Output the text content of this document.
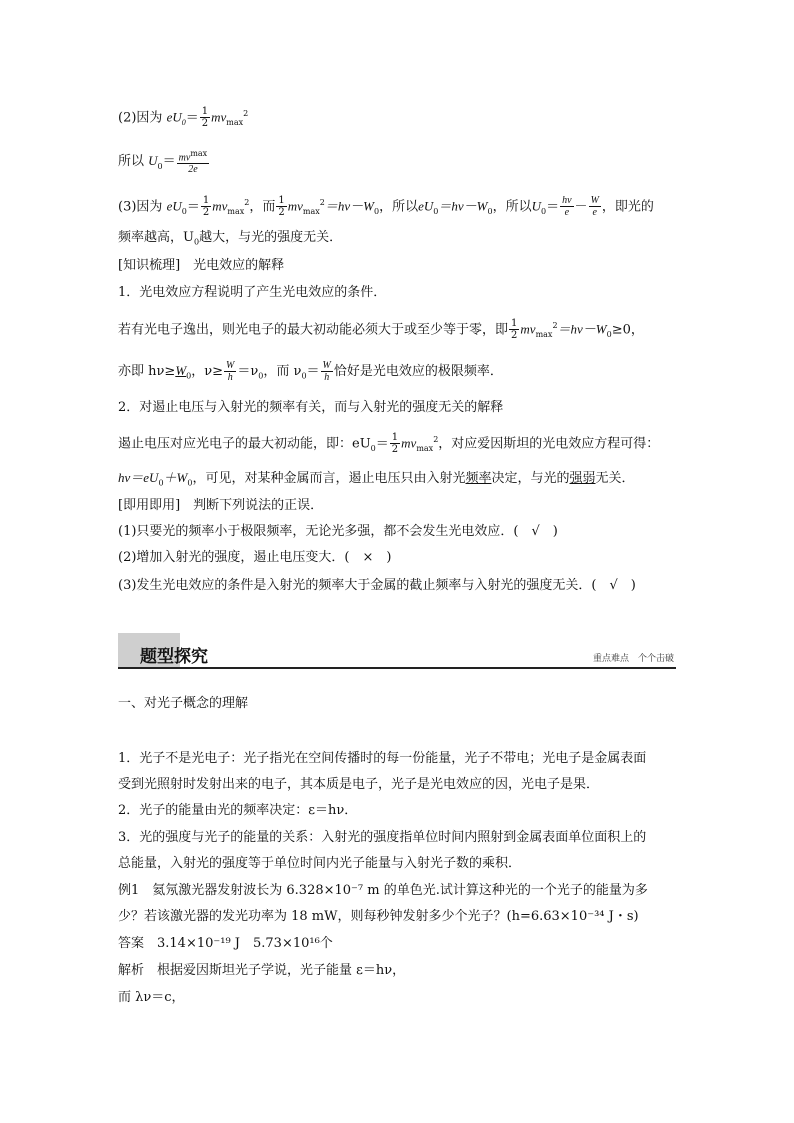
(2)因为 $eU_0= \frac{1}{2} mv_{max}^2$
所以 $U_0= \frac{mv^{max}}{2e}$
(3)因为 $eU_0= \frac{1}{2} mv_{max}^2$，而 $\frac{1}{2} mv_{max}^2=h\nu-W_0$，所以$eU_0=h\nu-W_0$，所以$U_0= \frac{h\nu}{e} - \frac{W}{e}$ ，即光的
频率越高，$U_0$越大，与光的强度无关．
[知识梳理]　光电效应的解释
1．光电效应方程说明了产生光电效应的条件．
若有光电子逸出，则光电子的最大初动能必须大于或至少等于零，即 $\frac{1}{2} mv_{max}^2=h\nu-W_0\ge 0$，
亦即 $h\nu\ge W_0$，$\nu\ge \frac{W}{h} =\nu_0$，而 $\nu_0= \frac{W}{h}$ 恰好是光电效应的极限频率．
2．对遏止电压与入射光的频率有关，而与入射光的强度无关的解释
遏止电压对应光电子的最大初动能，即：$eU_0= \frac{1}{2} mv_{max}^2$，对应爱因斯坦的光电效应方程可得：
$h\nu=eU_0+W_0$，可见，对某种金属而言，遏止电压只由入射光频率决定，与光的强弱无关．
[即用即用]　判断下列说法的正误．
(1)只要光的频率小于极限频率，无论光多强，都不会发生光电效应．(　√　)
(2)增加入射光的强度，遏止电压变大．(　×　)
(3)发生光电效应的条件是入射光的频率大于金属的截止频率与入射光的强度无关．(　√　)
题型探究	重点难点　个个击破
一、对光子概念的理解
1．光子不是光电子：光子指光在空间传播时的每一份能量，光子不带电；光电子是金属表面
受到光照射时发射出来的电子，其本质是电子，光子是光电效应的因，光电子是果．
2．光子的能量由光的频率决定：ε＝hν．
3．光的强度与光子的能量的关系：入射光的强度指单位时间内照射到金属表面单位面积上的
总能量，入射光的强度等于单位时间内光子能量与入射光子数的乘积．
例1　氦氖激光器发射波长为 6.328×10⁻⁷ m 的单色光.试计算这种光的一个光子的能量为多
少？若该激光器的发光功率为 18 mW，则每秒钟发射多少个光子？(h=6.63×10⁻³⁴ J・s)
答案　3.14×10⁻¹⁹ J　5.73×10¹⁶个
解析　根据爱因斯坦光子学说，光子能量 ε＝hν，
而 λν＝c，
